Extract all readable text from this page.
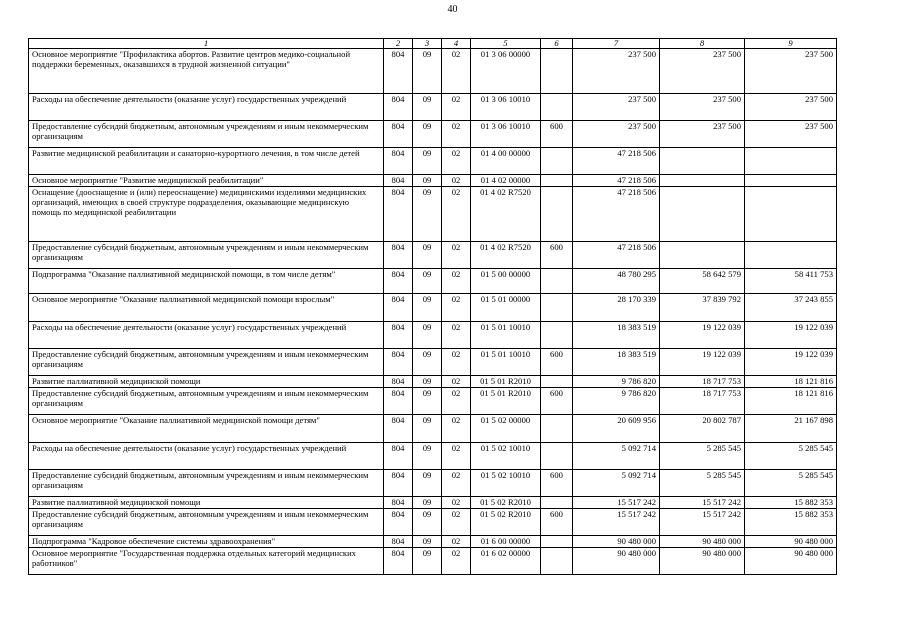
40
1	2	3	4	5	6	7	8	9
Основное мероприятие "Профилактика абортов. Развитие центров медико-социальной поддержки беременных, оказавшихся в трудной жизненной ситуации"	804	09	02	01 3 06 00000		237 500	237 500	237 500
Расходы на обеспечение деятельности (оказание услуг) государственных учреждений	804	09	02	01 3 06 10010		237 500	237 500	237 500
Предоставление субсидий бюджетным, автономным учреждениям и иным некоммерческим организациям	804	09	02	01 3 06 10010	600	237 500	237 500	237 500
Развитие медицинской реабилитации и санаторно-курортного лечения, в том числе детей	804	09	02	01 4 00 00000		47 218 506		
Основное мероприятие "Развитие медицинской реабилитации"	804	09	02	01 4 02 00000		47 218 506		
Оснащение (дооснащение и (или) переоснащение) медицинскими изделиями медицинских организаций, имеющих в своей структуре подразделения, оказывающие медицинскую помощь по медицинской реабилитации	804	09	02	01 4 02 R7520		47 218 506		
Предоставление субсидий бюджетным, автономным учреждениям и иным некоммерческим организациям	804	09	02	01 4 02 R7520	600	47 218 506		
Подпрограмма "Оказание паллиативной медицинской помощи, в том числе детям"	804	09	02	01 5 00 00000		48 780 295	58 642 579	58 411 753
Основное мероприятие "Оказание паллиативной медицинской помощи взрослым"	804	09	02	01 5 01 00000		28 170 339	37 839 792	37 243 855
Расходы на обеспечение деятельности (оказание услуг) государственных учреждений	804	09	02	01 5 01 10010		18 383 519	19 122 039	19 122 039
Предоставление субсидий бюджетным, автономным учреждениям и иным некоммерческим организациям	804	09	02	01 5 01 10010	600	18 383 519	19 122 039	19 122 039
Развитие паллиативной медицинской помощи	804	09	02	01 5 01 R2010		9 786 820	18 717 753	18 121 816
Предоставление субсидий бюджетным, автономным учреждениям и иным некоммерческим организациям	804	09	02	01 5 01 R2010	600	9 786 820	18 717 753	18 121 816
Основное мероприятие "Оказание паллиативной медицинской помощи детям"	804	09	02	01 5 02 00000		20 609 956	20 802 787	21 167 898
Расходы на обеспечение деятельности (оказание услуг) государственных учреждений	804	09	02	01 5 02 10010		5 092 714	5 285 545	5 285 545
Предоставление субсидий бюджетным, автономным учреждениям и иным некоммерческим организациям	804	09	02	01 5 02 10010	600	5 092 714	5 285 545	5 285 545
Развитие паллиативной медицинской помощи	804	09	02	01 5 02 R2010		15 517 242	15 517 242	15 882 353
Предоставление субсидий бюджетным, автономным учреждениям и иным некоммерческим организациям	804	09	02	01 5 02 R2010	600	15 517 242	15 517 242	15 882 353
Подпрограмма "Кадровое обеспечение системы здравоохранения"	804	09	02	01 6 00 00000		90 480 000	90 480 000	90 480 000
Основное мероприятие "Государственная поддержка отдельных категорий медицинских работников"	804	09	02	01 6 02 00000		90 480 000	90 480 000	90 480 000
